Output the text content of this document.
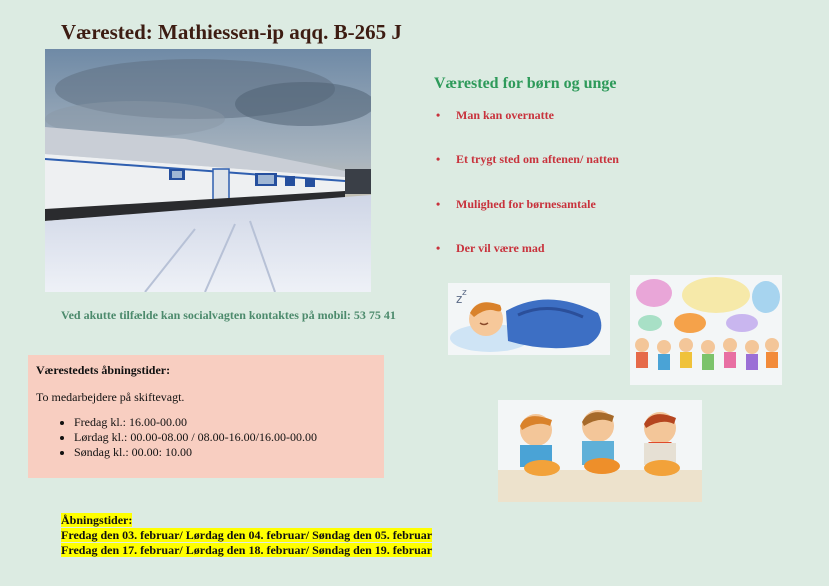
Værested: Mathiessen-ip aqq. B-265 J
Ved akutte tilfælde kan socialvagten kontaktes på mobil: 53 75 41
Værestedets åbningstider:
To medarbejdere på skiftevagt.
• Fredag kl.: 16.00-00.00
• Lørdag kl.: 00.00-08.00 / 08.00-16.00/16.00-00.00
• Søndag kl.: 00.00: 10.00
Værested for børn og unge
•	Man kan overnatte
•	Et trygt sted om aftenen/ natten
•	Mulighed for børnesamtale
•	Der vil være mad
z z
Åbningstider:
Fredag den 03. februar/ Lørdag den 04. februar/ Søndag den 05. februar
Fredag den 17. februar/ Lørdag den 18. februar/ Søndag den 19. februar
